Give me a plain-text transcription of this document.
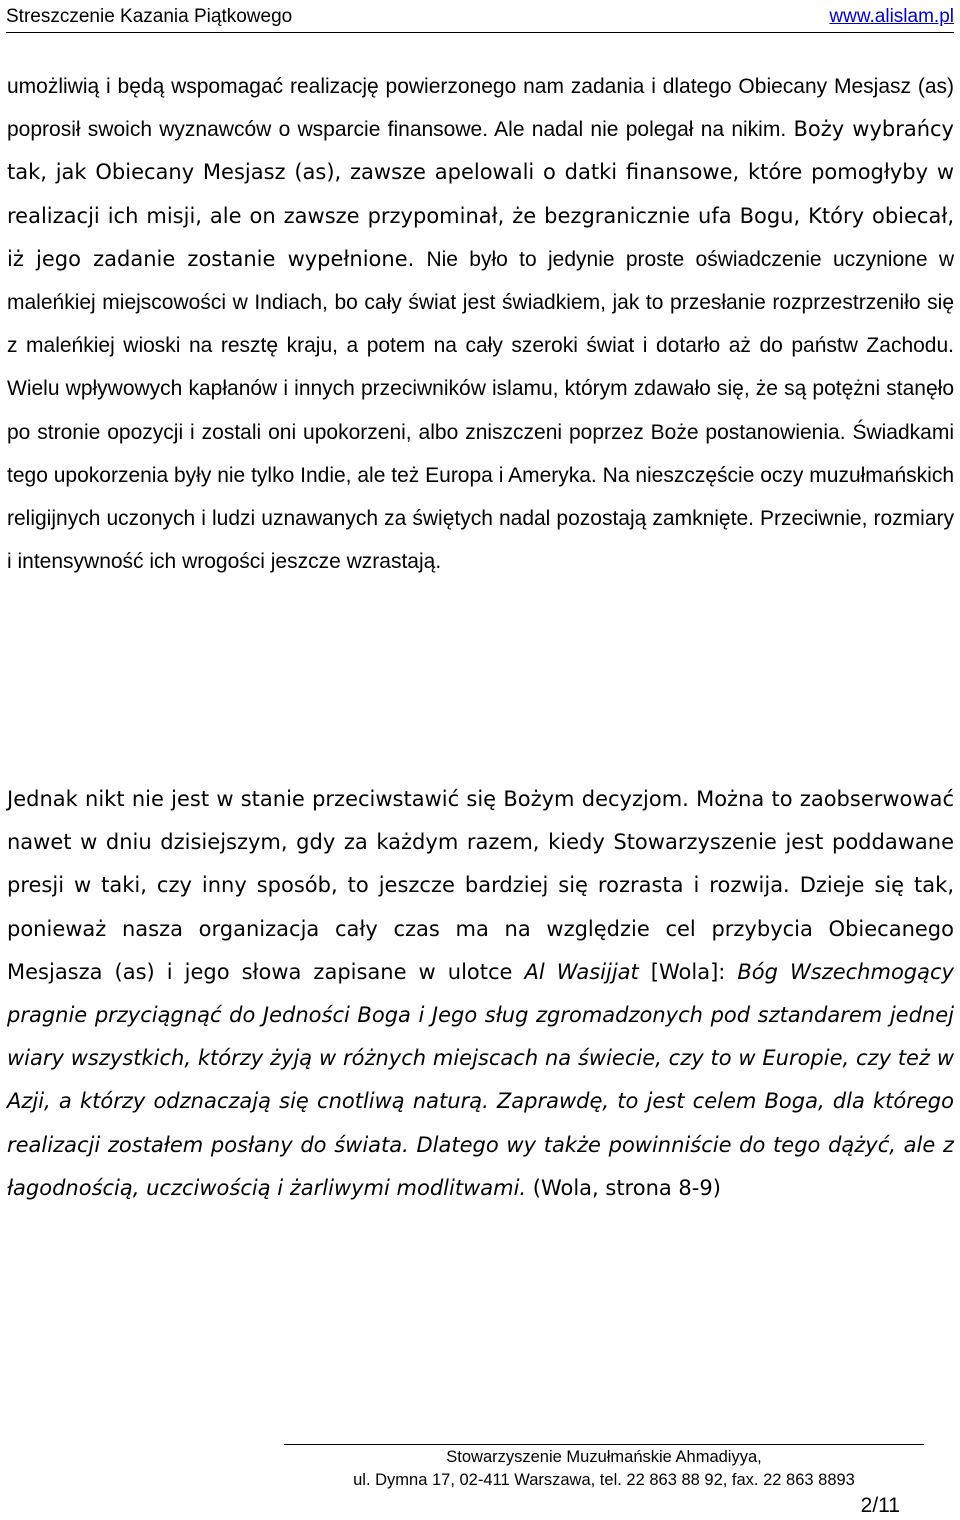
Streszczenie Kazania Piątkowego	www.alislam.pl
umożliwią i będą wspomagać realizację powierzonego nam zadania i dlatego Obiecany Mesjasz (as) poprosił swoich wyznawców o wsparcie finansowe. Ale nadal nie polegał na nikim. Boży wybrańcy tak, jak Obiecany Mesjasz (as), zawsze apelowali o datki finansowe, które pomogłyby w realizacji ich misji, ale on zawsze przypominał, że bezgranicznie ufa Bogu, Który obiecał, iż jego zadanie zostanie wypełnione. Nie było to jedynie proste oświadczenie uczynione w maleńkiej miejscowości w Indiach, bo cały świat jest świadkiem, jak to przesłanie rozprzestrzeniło się z maleńkiej wioski na resztę kraju, a potem na cały szeroki świat i dotarło aż do państw Zachodu. Wielu wpływowych kapłanów i innych przeciwników islamu, którym zdawało się, że są potężni stanęło po stronie opozycji i zostali oni upokorzeni, albo zniszczeni poprzez Boże postanowienia. Świadkami tego upokorzenia były nie tylko Indie, ale też Europa i Ameryka. Na nieszczęście oczy muzułmańskich religijnych uczonych i ludzi uznawanych za świętych nadal pozostają zamknięte. Przeciwnie, rozmiary i intensywność ich wrogości jeszcze wzrastają.
Jednak nikt nie jest w stanie przeciwstawić się Bożym decyzjom. Można to zaobserwować nawet w dniu dzisiejszym, gdy za każdym razem, kiedy Stowarzyszenie jest poddawane presji w taki, czy inny sposób, to jeszcze bardziej się rozrasta i rozwija. Dzieje się tak, ponieważ nasza organizacja cały czas ma na względzie cel przybycia Obiecanego Mesjasza (as) i jego słowa zapisane w ulotce Al Wasijjat [Wola]: Bóg Wszechmogący pragnie przyciągnąć do Jedności Boga i Jego sług zgromadzonych pod sztandarem jednej wiary wszystkich, którzy żyją w różnych miejscach na świecie, czy to w Europie, czy też w Azji, a którzy odznaczają się cnotliwą naturą. Zaprawdę, to jest celem Boga, dla którego realizacji zostałem posłany do świata. Dlatego wy także powinniście do tego dążyć, ale z łagodnością, uczciwością i żarliwymi modlitwami. (Wola, strona 8-9)
Stowarzyszenie Muzułmańskie Ahmadiyya,
ul. Dymna 17, 02-411 Warszawa, tel. 22 863 88 92, fax. 22 863 8893
2/11
